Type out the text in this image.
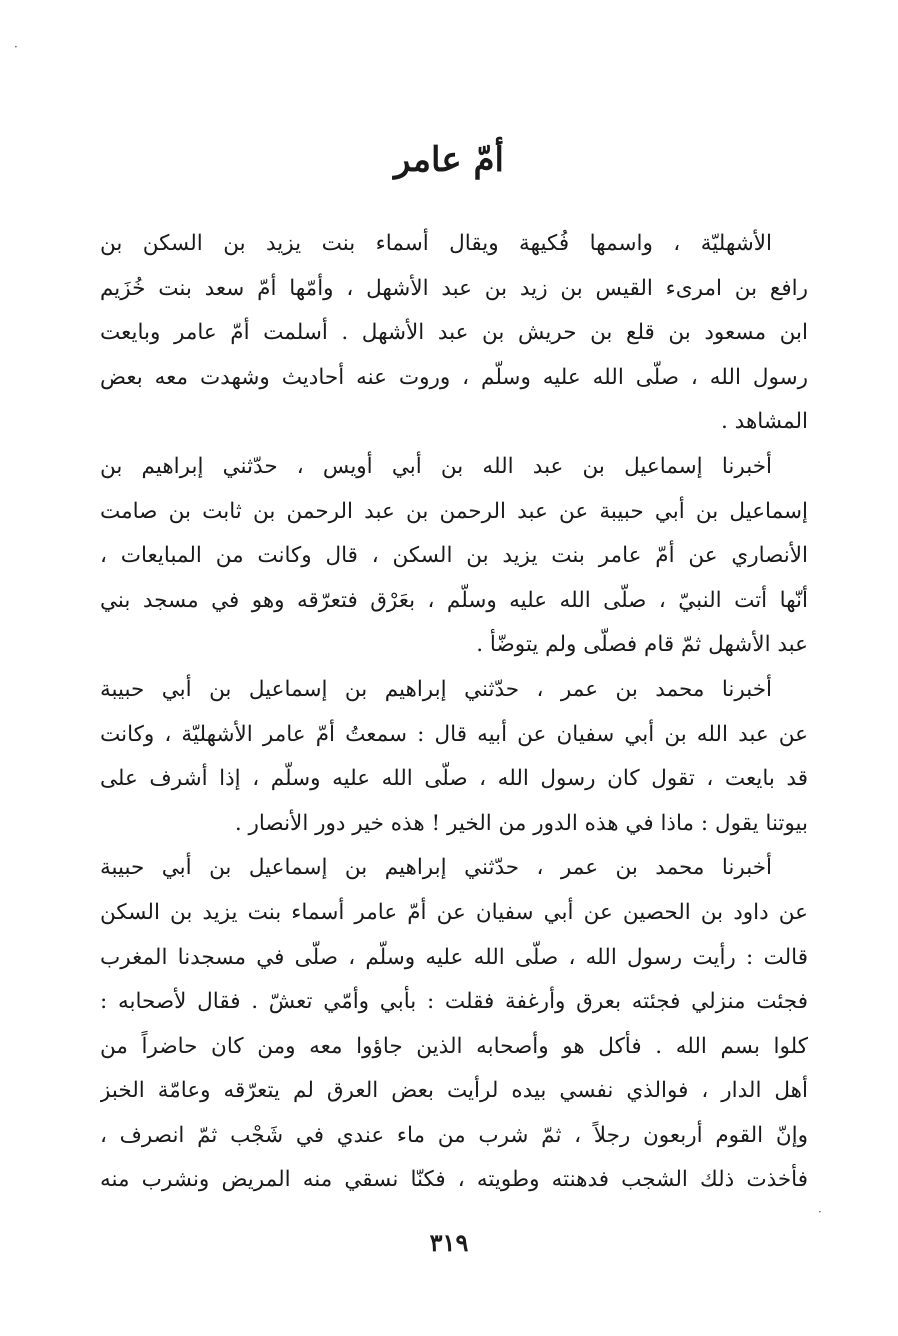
أمّ عامر
الأشهليّة ، واسمها فُكيهة ويقال أسماء بنت يزيد بن السكن بن
رافع بن امرىء القيس بن زيد بن عبد الأشهل ، وأمّها أمّ سعد بنت خُزَيم
ابن مسعود بن قلع بن حريش بن عبد الأشهل . أسلمت أمّ عامر وبايعت
رسول الله ، صلّى الله عليه وسلّم ، وروت عنه أحاديث وشهدت معه بعض
المشاهد .
أخبرنا إسماعيل بن عبد الله بن أبي أويس ، حدّثني إبراهيم بن
إسماعيل بن أبي حبيبة عن عبد الرحمن بن عبد الرحمن بن ثابت بن صامت
الأنصاري عن أمّ عامر بنت يزيد بن السكن ، قال وكانت من المبايعات ،
أنّها أتت النبيّ ، صلّى الله عليه وسلّم ، بعَرْق فتعرّقه وهو في مسجد بني
عبد الأشهل ثمّ قام فصلّى ولم يتوضّأ .
أخبرنا محمد بن عمر ، حدّثني إبراهيم بن إسماعيل بن أبي حبيبة
عن عبد الله بن أبي سفيان عن أبيه قال : سمعتُ أمّ عامر الأشهليّة ، وكانت
قد بايعت ، تقول كان رسول الله ، صلّى الله عليه وسلّم ، إذا أشرف على
بيوتنا يقول : ماذا في هذه الدور من الخير ! هذه خير دور الأنصار .
أخبرنا محمد بن عمر ، حدّثني إبراهيم بن إسماعيل بن أبي حبيبة
عن داود بن الحصين عن أبي سفيان عن أمّ عامر أسماء بنت يزيد بن السكن
قالت : رأيت رسول الله ، صلّى الله عليه وسلّم ، صلّى في مسجدنا المغرب
فجئت منزلي فجئته بعرق وأرغفة فقلت : بأبي وأمّي تعشّ . فقال لأصحابه :
كلوا بسم الله . فأكل هو وأصحابه الذين جاؤوا معه ومن كان حاضراً من
أهل الدار ، فوالذي نفسي بيده لرأيت بعض العرق لم يتعرّقه وعامّة الخبز
وإنّ القوم أربعون رجلاً ، ثمّ شرب من ماء عندي في شَجْب ثمّ انصرف ،
فأخذت ذلك الشجب فدهنته وطويته ، فكنّا نسقي منه المريض ونشرب منه
٣١٩
·
·
